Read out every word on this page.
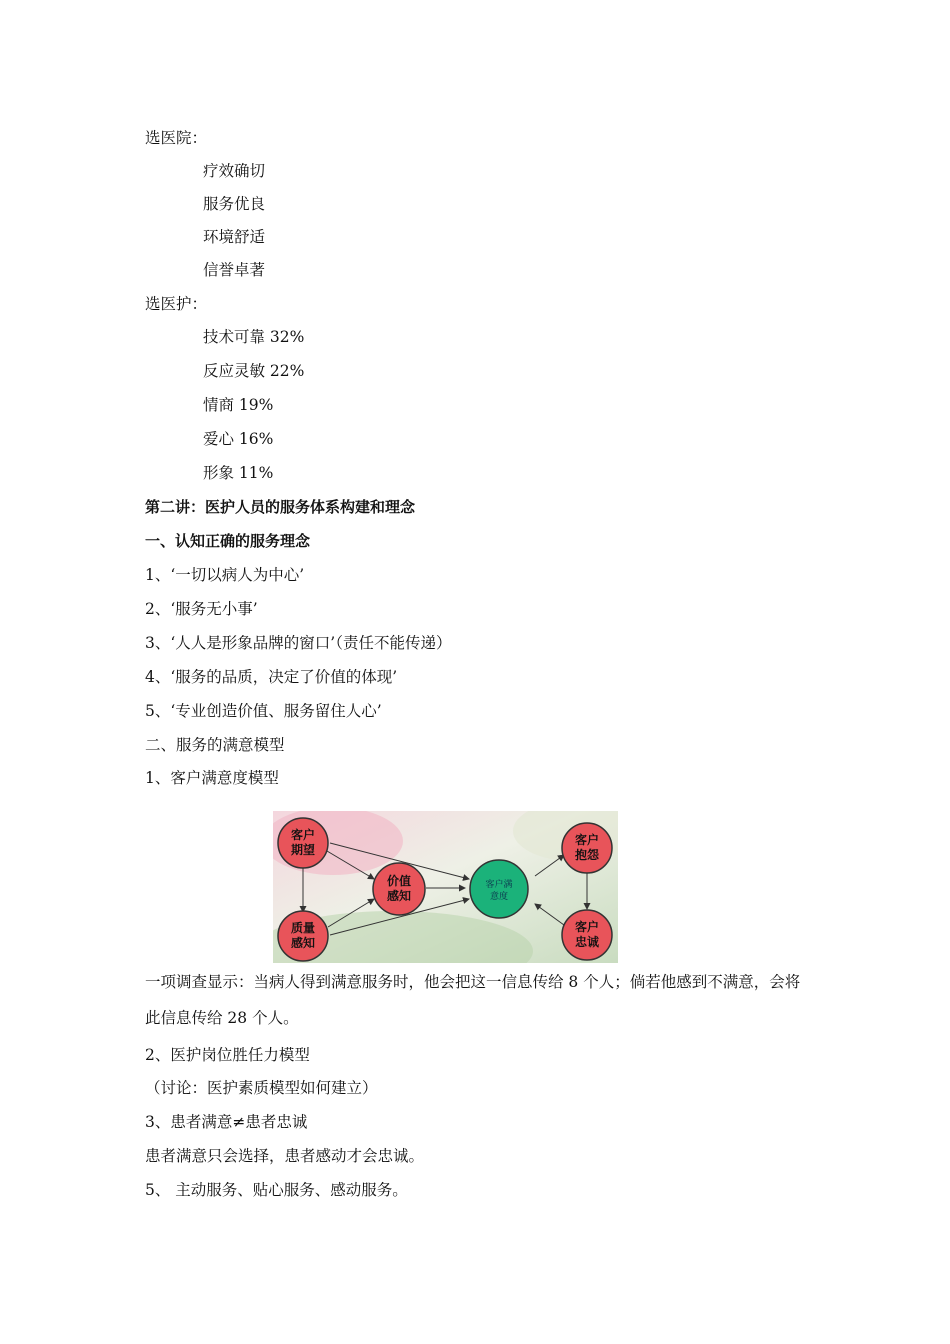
选医院：
疗效确切
服务优良
环境舒适
信誉卓著
选医护：
技术可靠 32%
反应灵敏 22%
情商 19%
爱心 16%
形象 11%
第二讲：医护人员的服务体系构建和理念
一、认知正确的服务理念
1、‘一切以病人为中心’
2、‘服务无小事’
3、‘人人是形象品牌的窗口’（责任不能传递）
4、‘服务的品质，决定了价值的体现’
5、‘专业创造价值、服务留住人心’
二、服务的满意模型
1、客户满意度模型
客户
期望
质量
感知
价值
感知
客户满
意度
客户
抱怨
客户
忠诚
一项调查显示：当病人得到满意服务时，他会把这一信息传给 8 个人；倘若他感到不满意，会将此信息传给 28 个人。
2、医护岗位胜任力模型
（讨论：医护素质模型如何建立）
3、患者满意≠患者忠诚
患者满意只会选择，患者感动才会忠诚。
5、 主动服务、贴心服务、感动服务。
